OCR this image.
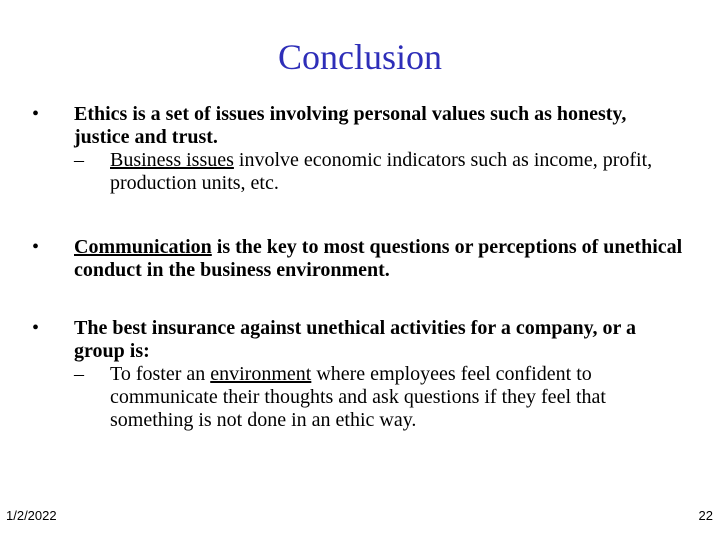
Conclusion
•	Ethics is a set of issues involving personal values such as honesty, justice and trust.
– Business issues involve economic indicators such as income, profit, production units, etc.
•	Communication is the key to most questions or perceptions of unethical conduct in the business environment.
•	The best insurance against unethical activities for a company, or a group is:
– To foster an environment where employees feel confident to communicate their thoughts and ask questions if they feel that something is not done in an ethic way.
1/2/2022	22
